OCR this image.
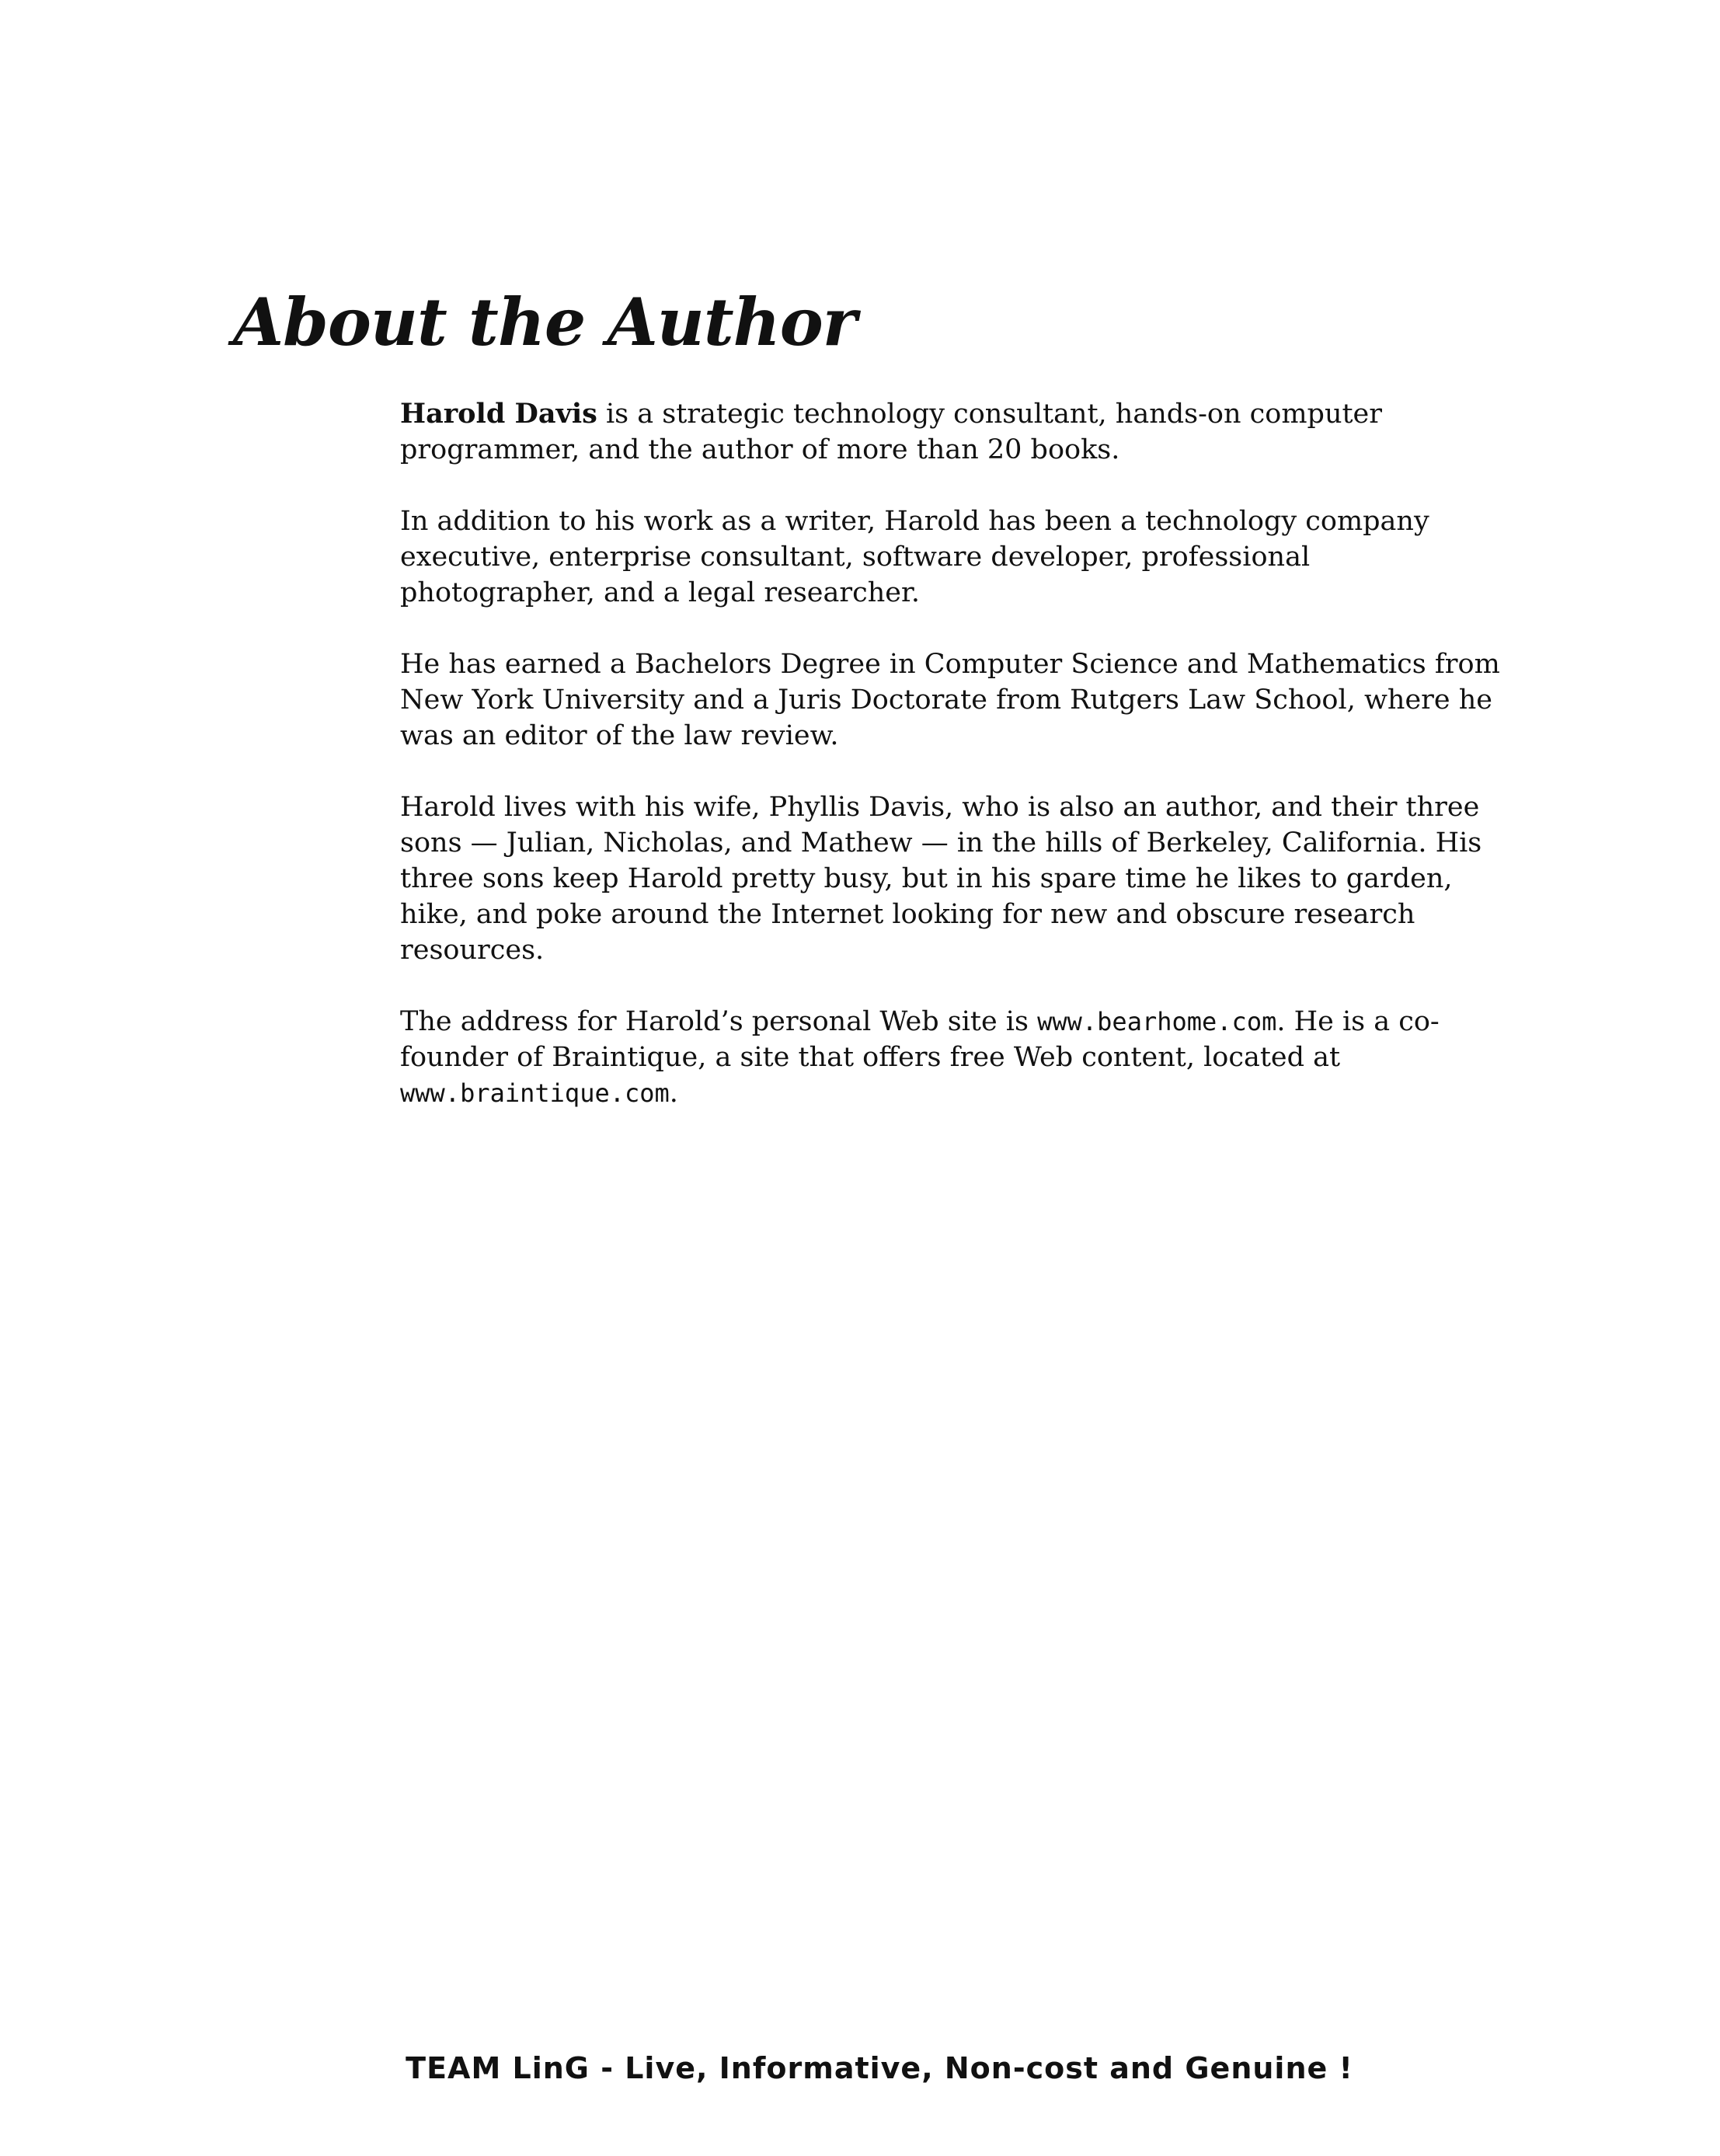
About the Author

Harold Davis is a strategic technology consultant, hands-on computer programmer, and the author of more than 20 books.

In addition to his work as a writer, Harold has been a technology company executive, enterprise consultant, software developer, professional photographer, and a legal researcher.

He has earned a Bachelors Degree in Computer Science and Mathematics from New York University and a Juris Doctorate from Rutgers Law School, where he was an editor of the law review.

Harold lives with his wife, Phyllis Davis, who is also an author, and their three sons — Julian, Nicholas, and Mathew — in the hills of Berkeley, California. His three sons keep Harold pretty busy, but in his spare time he likes to garden, hike, and poke around the Internet looking for new and obscure research resources.

The address for Harold’s personal Web site is www.bearhome.com. He is a co-founder of Braintique, a site that offers free Web content, located at www.braintique.com.

TEAM LinG - Live, Informative, Non-cost and Genuine !
